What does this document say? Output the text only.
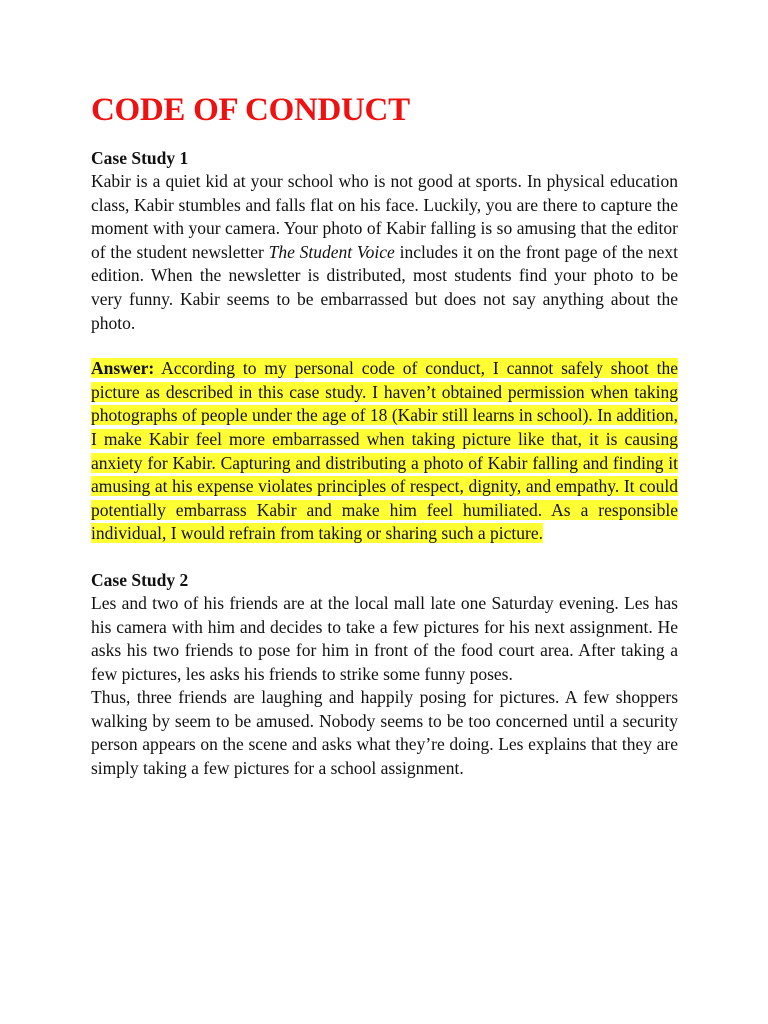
CODE OF CONDUCT

Case Study 1

Kabir is a quiet kid at your school who is not good at sports. In physical education class, Kabir stumbles and falls flat on his face. Luckily, you are there to capture the moment with your camera. Your photo of Kabir falling is so amusing that the editor of the student newsletter The Student Voice includes it on the front page of the next edition. When the newsletter is distributed, most students find your photo to be very funny. Kabir seems to be embarrassed but does not say anything about the photo.

Answer: According to my personal code of conduct, I cannot safely shoot the picture as described in this case study. I haven’t obtained permission when taking photographs of people under the age of 18 (Kabir still learns in school). In addition, I make Kabir feel more embarrassed when taking picture like that, it is causing anxiety for Kabir. Capturing and distributing a photo of Kabir falling and finding it amusing at his expense violates principles of respect, dignity, and empathy. It could potentially embarrass Kabir and make him feel humiliated. As a responsible individual, I would refrain from taking or sharing such a picture.

Case Study 2

Les and two of his friends are at the local mall late one Saturday evening. Les has his camera with him and decides to take a few pictures for his next assignment. He asks his two friends to pose for him in front of the food court area. After taking a few pictures, les asks his friends to strike some funny poses.

Thus, three friends are laughing and happily posing for pictures. A few shoppers walking by seem to be amused. Nobody seems to be too concerned until a security person appears on the scene and asks what they’re doing. Les explains that they are simply taking a few pictures for a school assignment.
